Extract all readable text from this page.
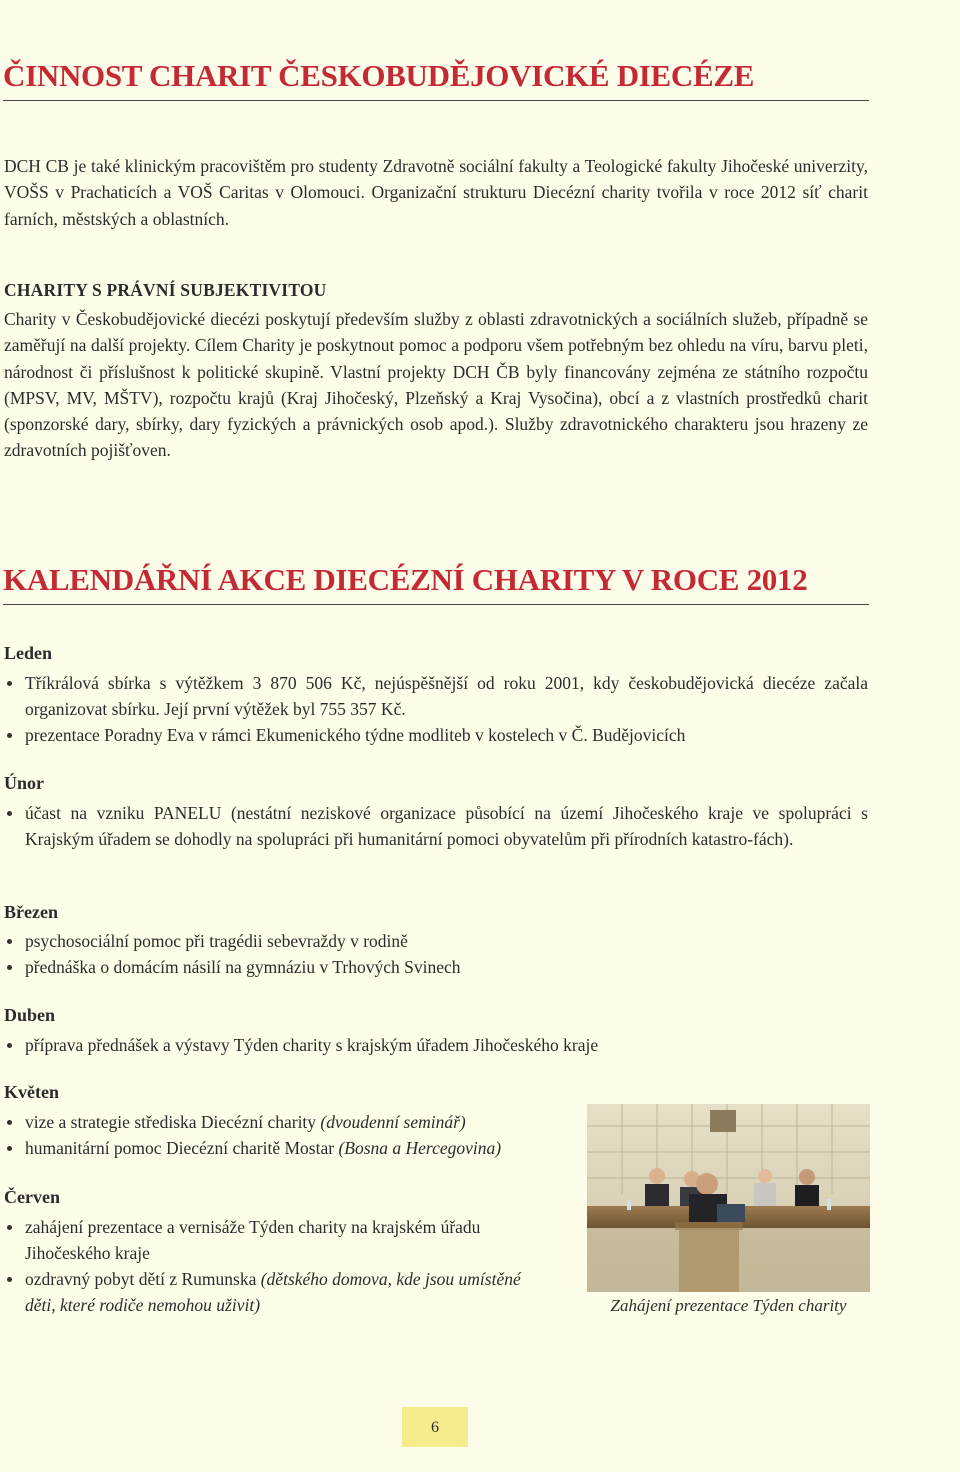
ČINNOST CHARIT ČESKOBUDĚJOVICKÉ DIECÉZE

DCH CB je také klinickým pracovištěm pro studenty Zdravotně sociální fakulty a Teologické fakulty Jihočeské univerzity, VOŠS v Prachaticích a VOŠ Caritas v Olomouci. Organizační strukturu Diecézní charity tvořila v roce 2012 síť charit farních, městských a oblastních.

CHARITY S PRÁVNÍ SUBJEKTIVITOU

Charity v Českobudějovické diecézi poskytují především služby z oblasti zdravotnických a sociálních služeb, případně se zaměřují na další projekty. Cílem Charity je poskytnout pomoc a podporu všem potřebným bez ohledu na víru, barvu pleti, národnost či příslušnost k politické skupině. Vlastní projekty DCH ČB byly financovány zejména ze státního rozpočtu (MPSV, MV, MŠTV), rozpočtu krajů (Kraj Jihočeský, Plzeňský a Kraj Vysočina), obcí a z vlastních prostředků charit (sponzorské dary, sbírky, dary fyzických a právnických osob apod.). Služby zdravotnického charakteru jsou hrazeny ze zdravotních pojišťoven.

KALENDÁŘNÍ AKCE DIECÉZNÍ CHARITY V ROCE 2012
Leden
Tříkrálová sbírka s výtěžkem 3 870 506 Kč, nejúspěšnější od roku 2001, kdy českobudějovická diecéze začala organizovat sbírku. Její první výtěžek byl 755 357 Kč.
prezentace Poradny Eva v rámci Ekumenického týdne modliteb v kostelech v Č. Budějovicích
Únor
účast na vzniku PANELU (nestátní neziskové organizace působící na území Jihočeského kraje ve spolupráci s Krajským úřadem se dohodly na spolupráci při humanitární pomoci obyvatelům při přírodních katastro-fách).
Březen
psychosociální pomoc při tragédii sebevraždy v rodině
přednáška o domácím násilí na gymnáziu v Trhových Svinech
Duben
příprava přednášek a výstavy Týden charity s krajským úřadem Jihočeského kraje
Květen
vize a strategie střediska Diecézní charity (dvoudenní seminář)
humanitární pomoc Diecézní charitě Mostar (Bosna a Hercegovina)
Červen
zahájení prezentace a vernisáže Týden charity na krajském úřadu Jihočeského kraje
ozdravný pobyt dětí z Rumunska (dětského domova, kde jsou umístěné děti, které rodiče nemohou uživit)	Zahájení prezentace Týden charity

6
